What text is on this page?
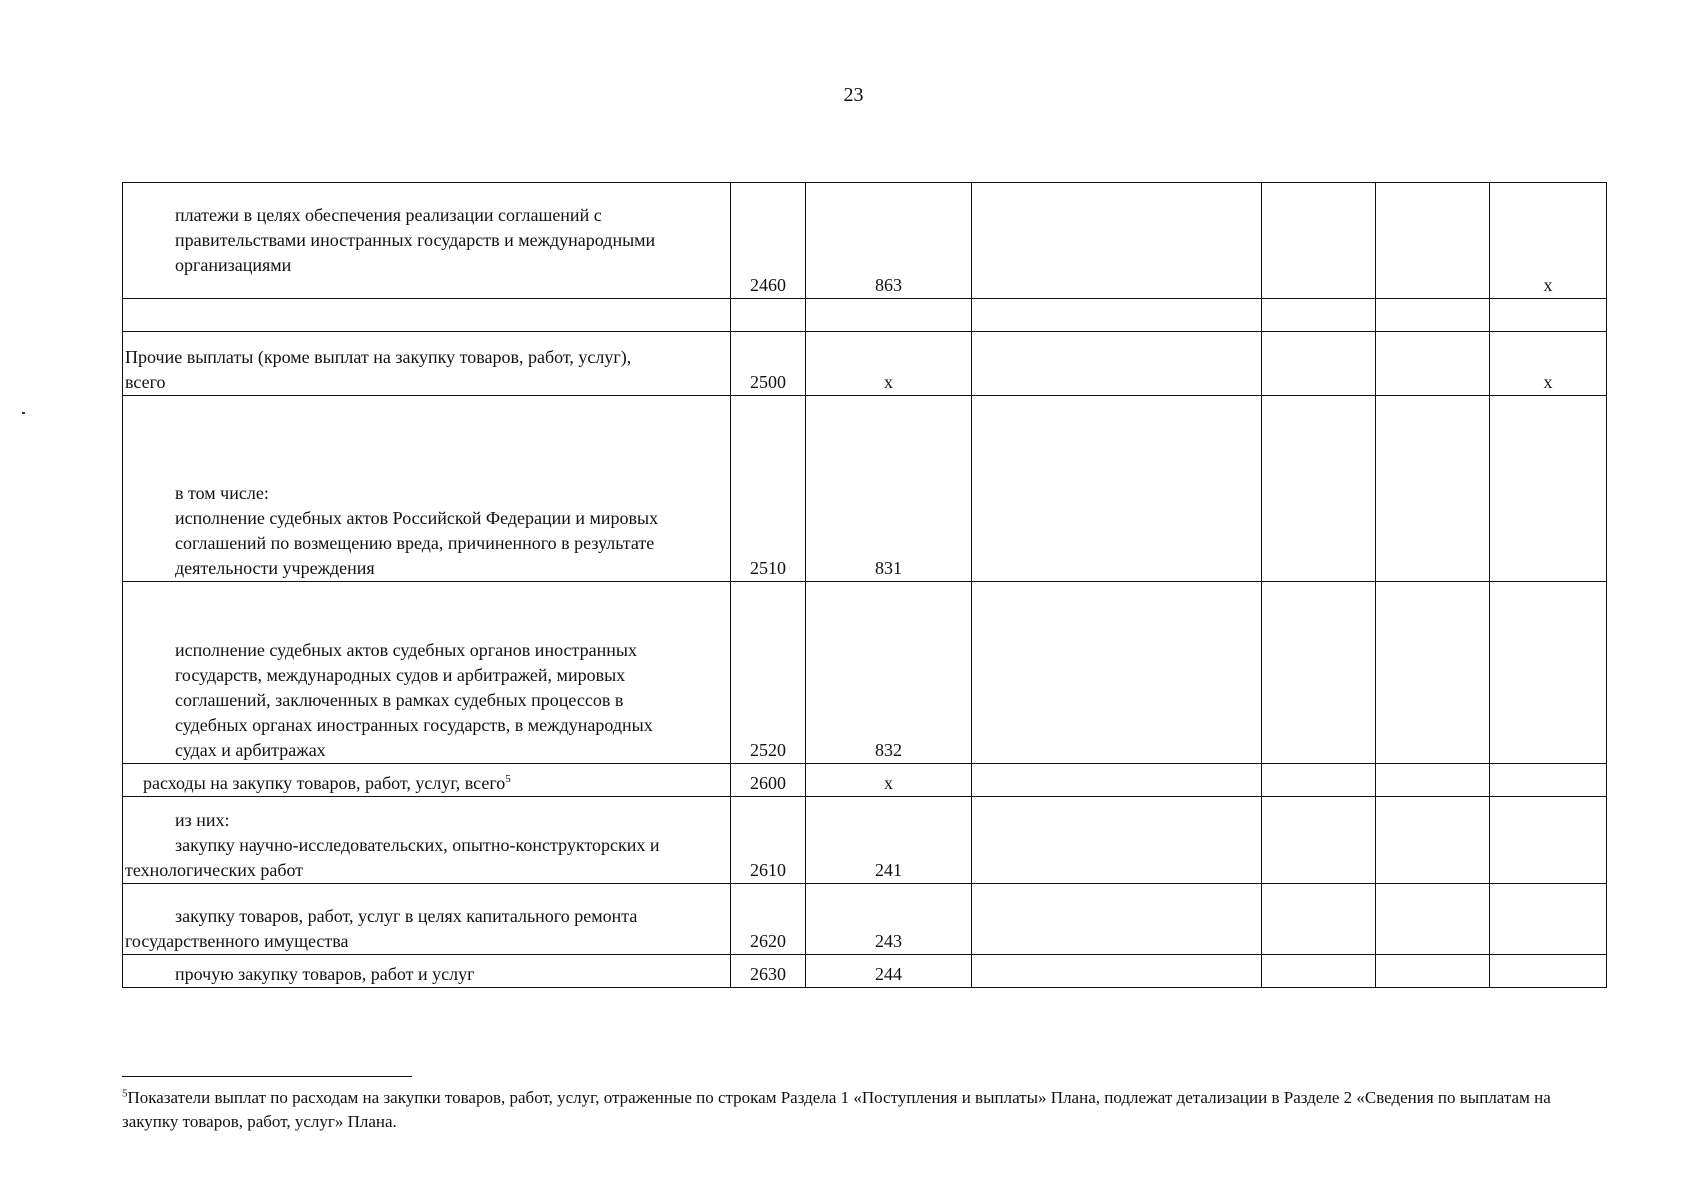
23
платежи в целях обеспечения реализации соглашений с
правительствами иностранных государств и международными
организациями	2460	863				x

Прочие выплаты (кроме выплат на закупку товаров, работ, услуг),
всего	2500	x				x

в том числе:
исполнение судебных актов Российской Федерации и мировых
соглашений по возмещению вреда, причиненного в результате
деятельности учреждения	2510	831				

исполнение судебных актов судебных органов иностранных
государств, международных судов и арбитражей, мировых
соглашений, заключенных в рамках судебных процессов в
судебных органах иностранных государств, в международных
судах и арбитражах	2520	832				

расходы на закупку товаров, работ, услуг, всего$^5$	2600	x				

из них:
закупку научно-исследовательских, опытно-конструкторских и
технологических работ	2610	241				

закупку товаров, работ, услуг в целях капитального ремонта
государственного имущества	2620	243				

прочую закупку товаров, работ и услуг	2630	244				
$^5$Показатели выплат по расходам на закупки товаров, работ, услуг, отраженные по строкам Раздела 1 «Поступления и выплаты» Плана, подлежат детализации в Разделе 2 «Сведения по выплатам на закупку товаров, работ, услуг» Плана.
